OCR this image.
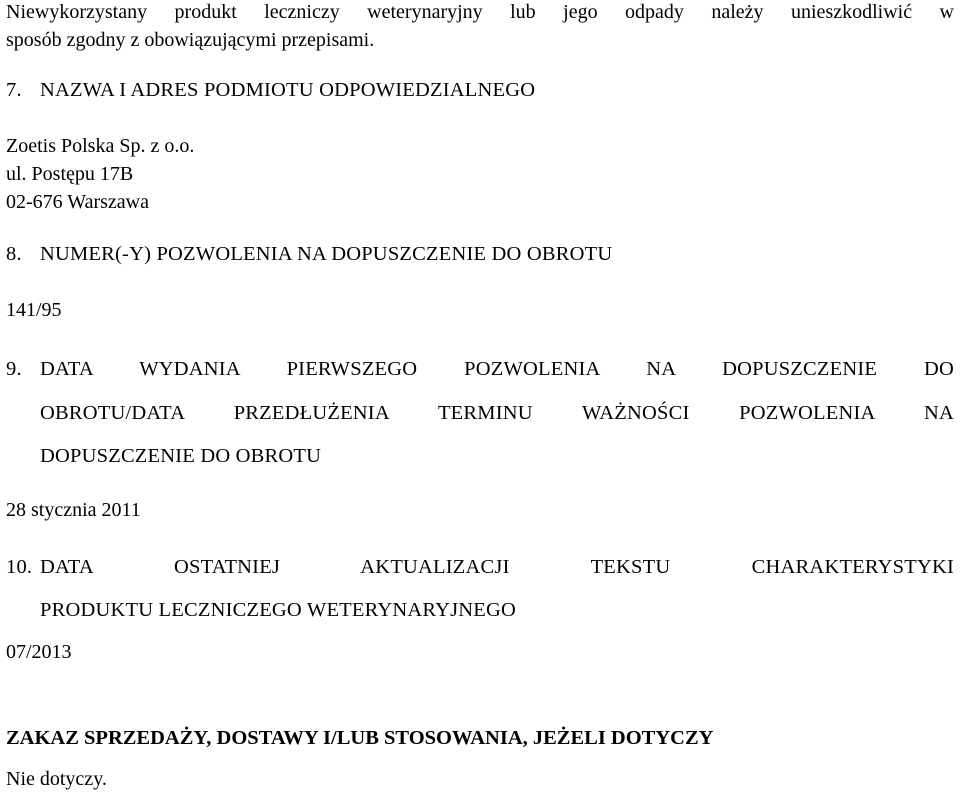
Niewykorzystany produkt leczniczy weterynaryjny lub jego odpady należy unieszkodliwić w
sposób zgodny z obowiązującymi przepisami.
7. NAZWA I ADRES PODMIOTU ODPOWIEDZIALNEGO
Zoetis Polska Sp. z o.o.
ul. Postępu 17B
02-676 Warszawa
8. NUMER(-Y) POZWOLENIA NA DOPUSZCZENIE DO OBROTU
141/95
9. DATA WYDANIA PIERWSZEGO POZWOLENIA NA DOPUSZCZENIE DO
OBROTU/DATA PRZEDŁUŻENIA TERMINU WAŻNOŚCI POZWOLENIA NA
DOPUSZCZENIE DO OBROTU
28 stycznia 2011
10. DATA OSTATNIEJ AKTUALIZACJI TEKSTU CHARAKTERYSTYKI
PRODUKTU LECZNICZEGO WETERYNARYJNEGO
07/2013
ZAKAZ SPRZEDAŻY, DOSTAWY I/LUB STOSOWANIA, JEŻELI DOTYCZY
Nie dotyczy.
